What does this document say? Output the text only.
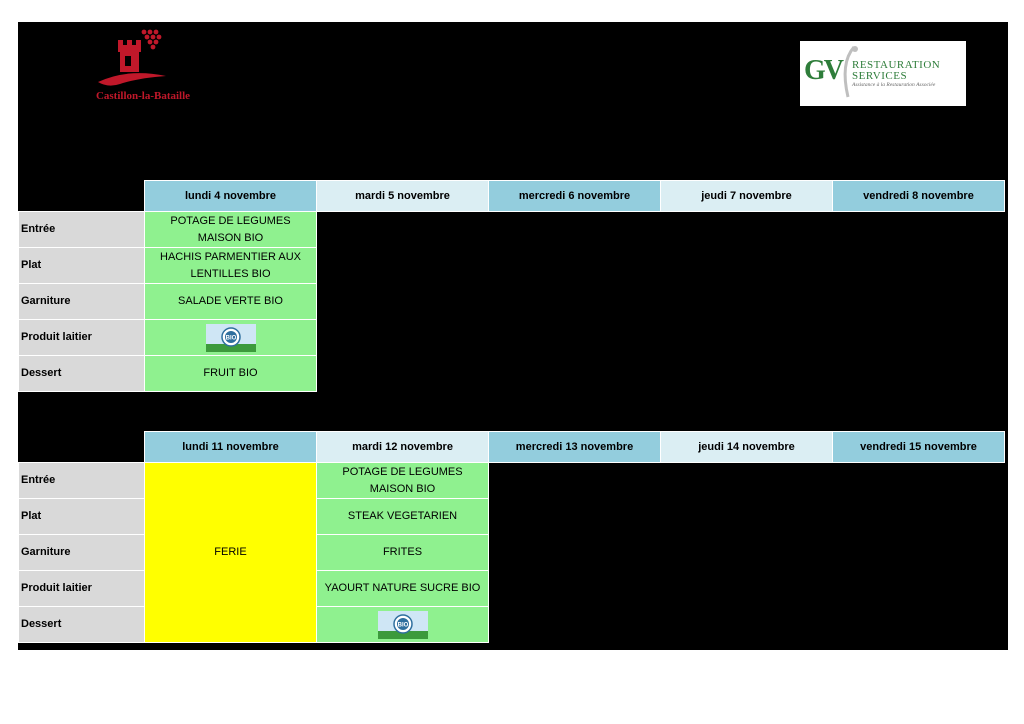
Castillon-la-Bataille
GV RESTAURATION
SERVICES
Assistance à la Restauration Associée
	lundi 4 novembre	mardi 5 novembre	mercredi 6 novembre	jeudi 7 novembre	vendredi 8 novembre
Entrée	POTAGE DE LEGUMES MAISON BIO				
Plat	HACHIS PARMENTIER AUX LENTILLES BIO				
Garniture	SALADE VERTE BIO				
Produit laitier	BIO				

Dessert	FRUIT BIO				
	lundi 11 novembre	mardi 12 novembre	mercredi 13 novembre	jeudi 14 novembre	vendredi 15 novembre
Entrée	FERIE	POTAGE DE LEGUMES MAISON BIO			
Plat		STEAK VEGETARIEN			
Garniture		FRITES			
Produit laitier		YAOURT NATURE SUCRE BIO			
Dessert		BIO			
